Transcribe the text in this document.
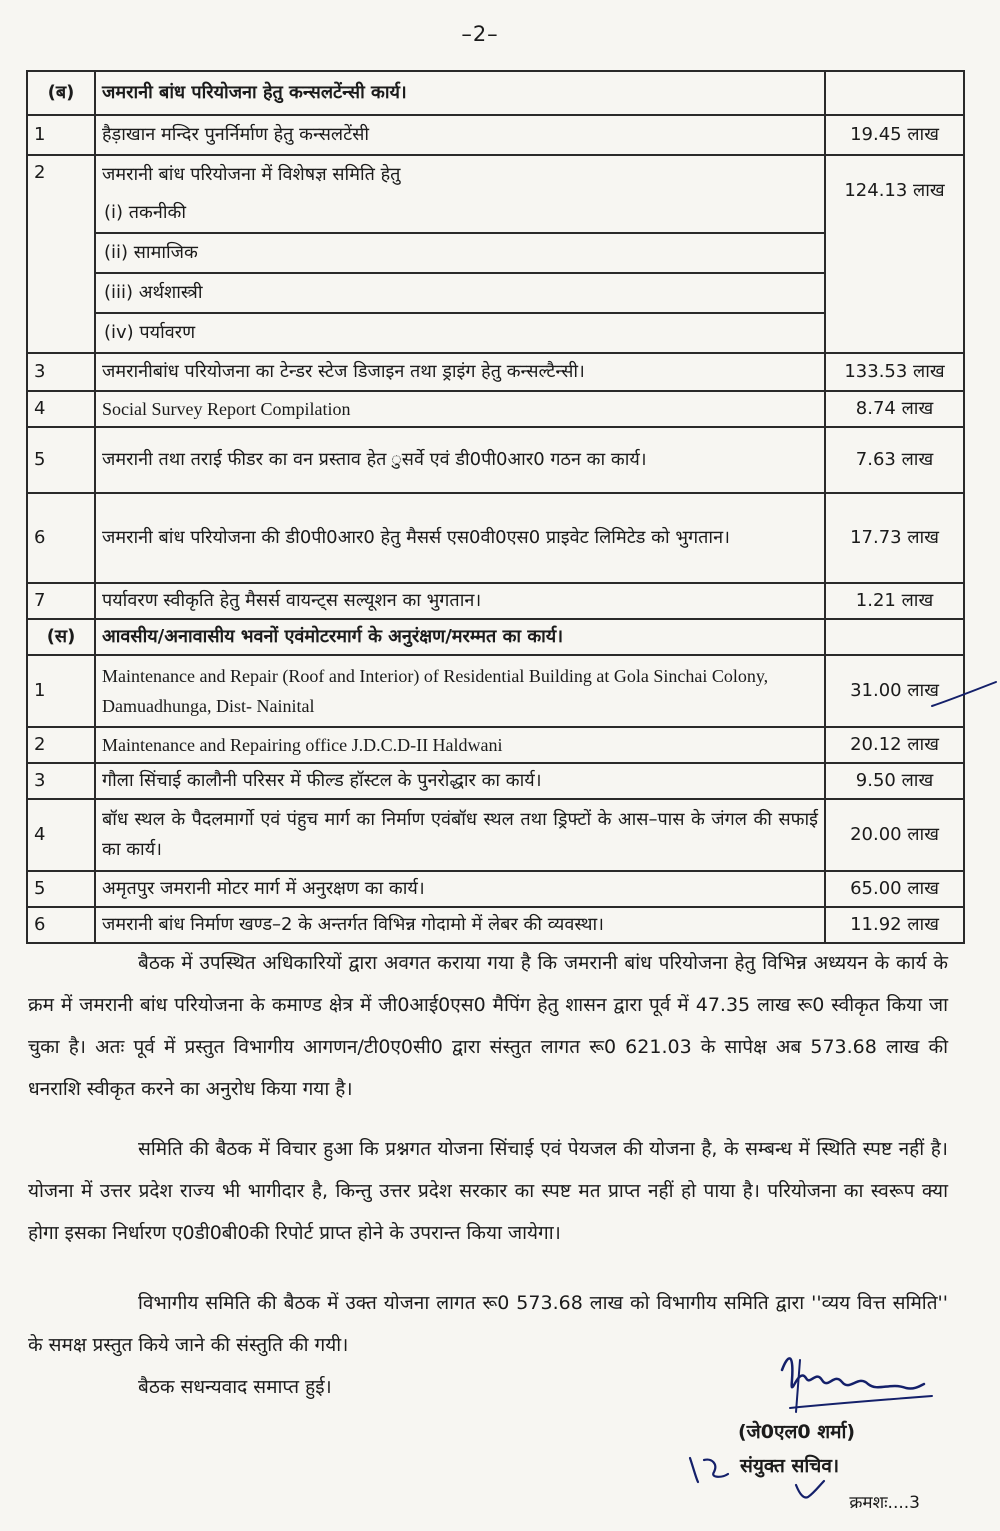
–2–
(ब)	जमरानी बांध परियोजना हेतु कन्सलटेंन्सी कार्य।	
1	हैड़ाखान मन्दिर पुनर्निर्माण हेतु कन्सलटेंसी	19.45 लाख
2	जमरानी बांध परियोजना में विशेषज्ञ समिति हेतु	124.13 लाख
	(i) तकनीकी	
	(ii) सामाजिक	
	(iii) अर्थशास्त्री	
	(iv) पर्यावरण	
3	जमरानीबांध परियोजना का टेन्डर स्टेज डिजाइन तथा ड्राइंग हेतु कन्सल्टैन्सी।	133.53 लाख
4	Social Survey Report Compilation	8.74 लाख
5	जमरानी तथा तराई फीडर का वन प्रस्ताव हेत ुसर्वे एवं डी0पी0आर0 गठन का कार्य।	7.63 लाख
6	जमरानी बांध परियोजना की डी0पी0आर0 हेतु मैसर्स एस0वी0एस0 प्राइवेट लिमिटेड को भुगतान।	17.73 लाख
7	पर्यावरण स्वीकृति हेतु मैसर्स वायन्ट्स सल्यूशन का भुगतान।	1.21 लाख
(स)	आवसीय/अनावासीय भवनों एवंमोटरमार्ग के अनुरंक्षण/मरम्मत का कार्य।	
1	Maintenance and Repair (Roof and Interior) of Residential Building at Gola Sinchai Colony, Damuadhunga, Dist- Nainital	31.00 लाख
2	Maintenance and Repairing office J.D.C.D-II Haldwani	20.12 लाख
3	गौला सिंचाई कालौनी परिसर में फील्ड हॉस्टल के पुनरोद्धार का कार्य।	9.50 लाख
4	बॉध स्थल के पैदलमार्गो एवं पंहुच मार्ग का निर्माण एवंबॉध स्थल तथा ड्रिफ्टों के आस–पास के जंगल की सफाई का कार्य।	20.00 लाख
5	अमृतपुर जमरानी मोटर मार्ग में अनुरक्षण का कार्य।	65.00 लाख
6	जमरानी बांध निर्माण खण्ड–2 के अन्तर्गत विभिन्न गोदामो में लेबर की व्यवस्था।	11.92 लाख
बैठक में उपस्थित अधिकारियों द्वारा अवगत कराया गया है कि जमरानी बांध परियोजना हेतु विभिन्न अध्ययन के कार्य के क्रम में जमरानी बांध परियोजना के कमाण्ड क्षेत्र में जी0आई0एस0 मैपिंग हेतु शासन द्वारा पूर्व में 47.35 लाख रू0 स्वीकृत किया जा चुका है। अतः पूर्व में प्रस्तुत विभागीय आगणन/टी0ए0सी0 द्वारा संस्तुत लागत रू0 621.03 के सापेक्ष अब 573.68 लाख की धनराशि स्वीकृत करने का अनुरोध किया गया है।
समिति की बैठक में विचार हुआ कि प्रश्नगत योजना सिंचाई एवं पेयजल की योजना है, के सम्बन्ध में स्थिति स्पष्ट नहीं है। योजना में उत्तर प्रदेश राज्य भी भागीदार है, किन्तु उत्तर प्रदेश सरकार का स्पष्ट मत प्राप्त नहीं हो पाया है। परियोजना का स्वरूप क्या होगा इसका निर्धारण ए0डी0बी0की रिपोर्ट प्राप्त होने के उपरान्त किया जायेगा।
विभागीय समिति की बैठक में उक्त योजना लागत रू0 573.68 लाख को विभागीय समिति द्वारा ''व्यय वित्त समिति'' के समक्ष प्रस्तुत किये जाने की संस्तुति की गयी।
बैठक सधन्यवाद समाप्त हुई।
(जे0एल0 शर्मा)
संयुक्त सचिव।
क्रमशः....3
